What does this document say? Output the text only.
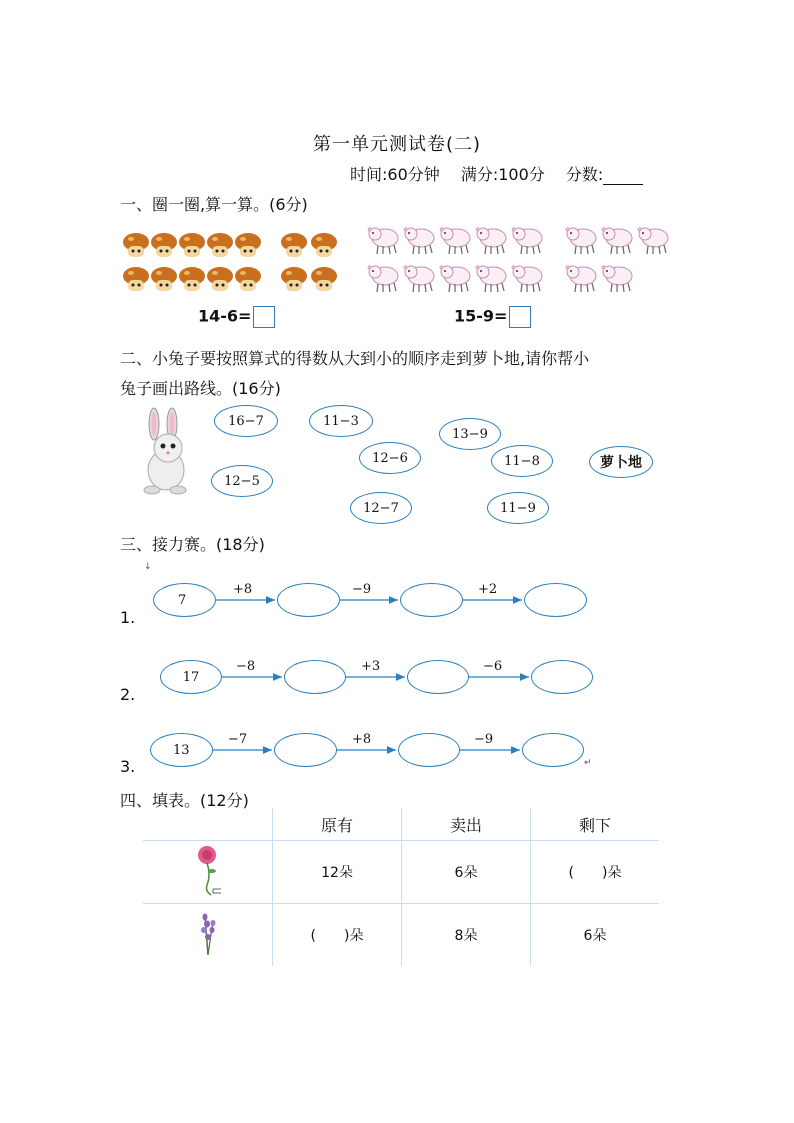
第一单元测试卷(二)
时间:60分钟 满分:100分 分数:
一、圈一圈,算一算。(6分)
14-6=	15-9=
二、小兔子要按照算式的得数从大到小的顺序走到萝卜地,请你帮小
兔子画出路线。(16分)
16−7	11−3
13−9
12−6	11−8
12−5
12−7	11−9
萝卜地
三、接力赛。(18分)
↓
1.
7
+8	−9	+2
2.
17
−8	+3	−6
3.
13
−7	+8	−9
↵
四、填表。(12分)
	原有	卖出	剩下
	12朵	6朵	(　　)朵
	(　　)朵	8朵	6朵
